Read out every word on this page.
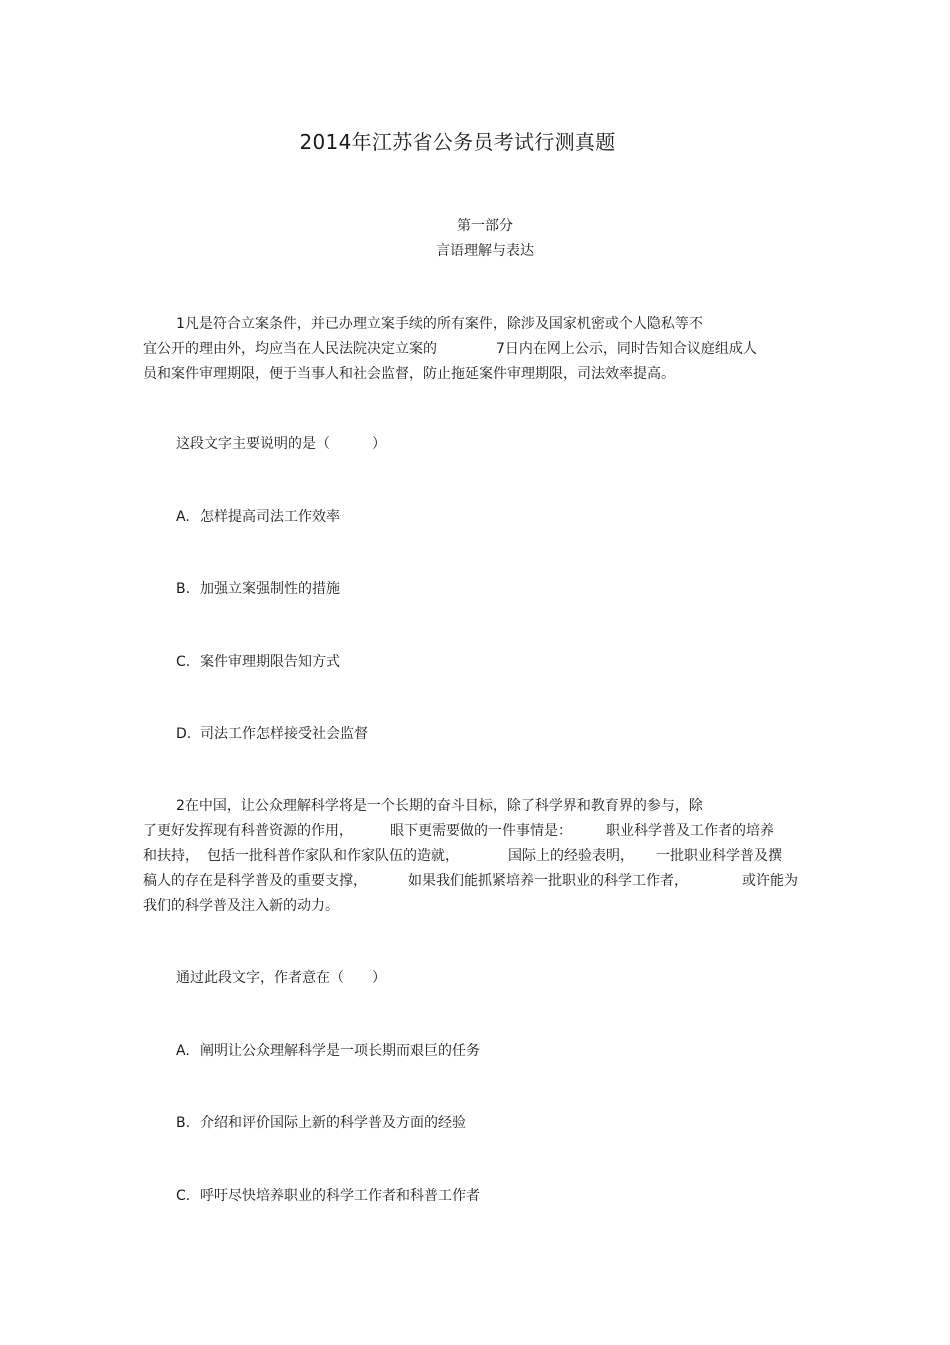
2014年江苏省公务员考试行测真题
第一部分
言语理解与表达
1凡是符合立案条件，并已办理立案手续的所有案件，除涉及国家机密或个人隐私等不
宜公开的理由外，均应当在人民法院决定立案的	7日内在网上公示，同时告知合议庭组成人
员和案件审理期限，便于当事人和社会监督，防止拖延案件审理期限，司法效率提高。
这段文字主要说明的是（　　　）
A. 怎样提高司法工作效率
B. 加强立案强制性的措施
C. 案件审理期限告知方式
D. 司法工作怎样接受社会监督
2在中国，让公众理解科学将是一个长期的奋斗目标，除了科学界和教育界的参与，除
了更好发挥现有科普资源的作用，	眼下更需要做的一件事情是： 职业科学普及工作者的培养
和扶持， 包括一批科普作家队和作家队伍的造就，	国际上的经验表明， 一批职业科学普及撰
稿人的存在是科学普及的重要支撑，	如果我们能抓紧培养一批职业的科学工作者，	或许能为
我们的科学普及注入新的动力。
通过此段文字，作者意在（　　）
A. 阐明让公众理解科学是一项长期而艰巨的任务
B. 介绍和评价国际上新的科学普及方面的经验
C. 呼吁尽快培养职业的科学工作者和科普工作者
